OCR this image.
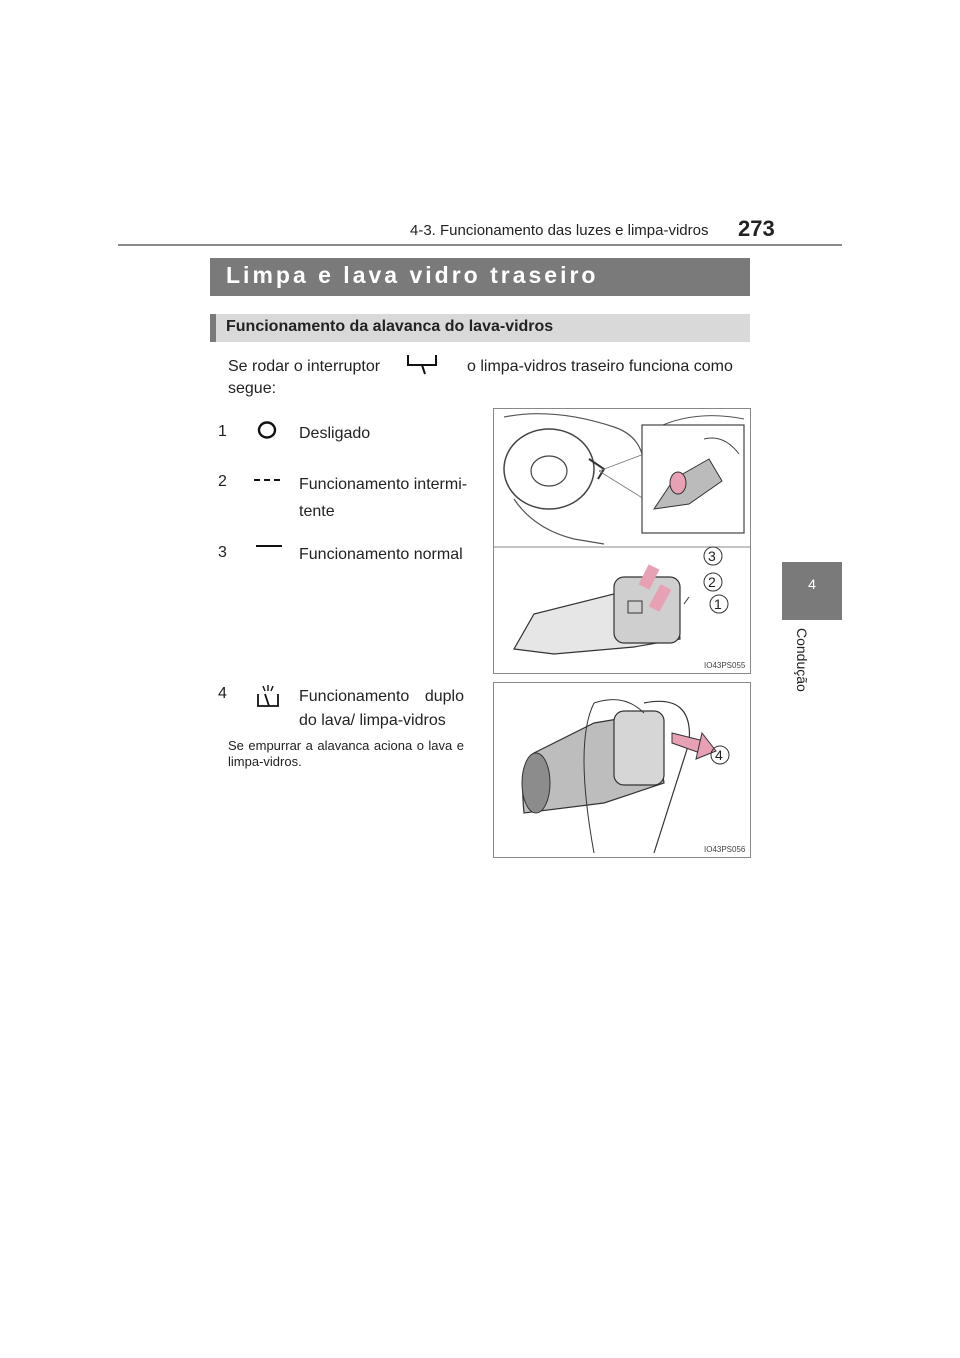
4-3. Funcionamento das luzes e limpa-vidros 273
4
Condução
Limpa e lava vidro traseiro
Funcionamento da alavanca do lava-vidros
Se rodar o interruptor	o limpa-vidros traseiro funciona como
segue:
1	Desligado
2	Funcionamento intermi-
tente
3	Funcionamento normal
4	Funcionamento duplo
do lava/ limpa-vidros
Se empurrar a alavanca aciona o lava e limpa-vidros.
3
2
1
IO43PS055
4
IO43PS056
